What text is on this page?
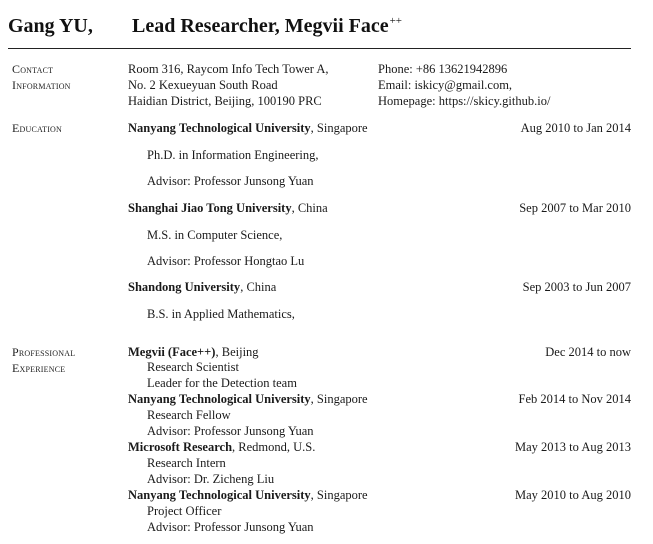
Gang YU, Lead Researcher, Megvii Face++
Contact
Information
Room 316, Raycom Info Tech Tower A,
No. 2 Kexueyuan South Road
Haidian District, Beijing, 100190 PRC
Phone: +86 13621942896
Email: iskicy@gmail.com,
Homepage: https://skicy.github.io/
Education	Nanyang Technological University, Singapore	Aug 2010 to Jan 2014
Ph.D. in Information Engineering,
Advisor: Professor Junsong Yuan
Shanghai Jiao Tong University, China	Sep 2007 to Mar 2010
M.S. in Computer Science,
Advisor: Professor Hongtao Lu
Shandong University, China	Sep 2003 to Jun 2007
B.S. in Applied Mathematics,
Professional
Experience
Megvii (Face++), Beijing	Dec 2014 to now
Research Scientist
Leader for the Detection team
Nanyang Technological University, Singapore	Feb 2014 to Nov 2014
Research Fellow
Advisor: Professor Junsong Yuan
Microsoft Research, Redmond, U.S.	May 2013 to Aug 2013
Research Intern
Advisor: Dr. Zicheng Liu
Nanyang Technological University, Singapore	May 2010 to Aug 2010
Project Officer
Advisor: Professor Junsong Yuan
